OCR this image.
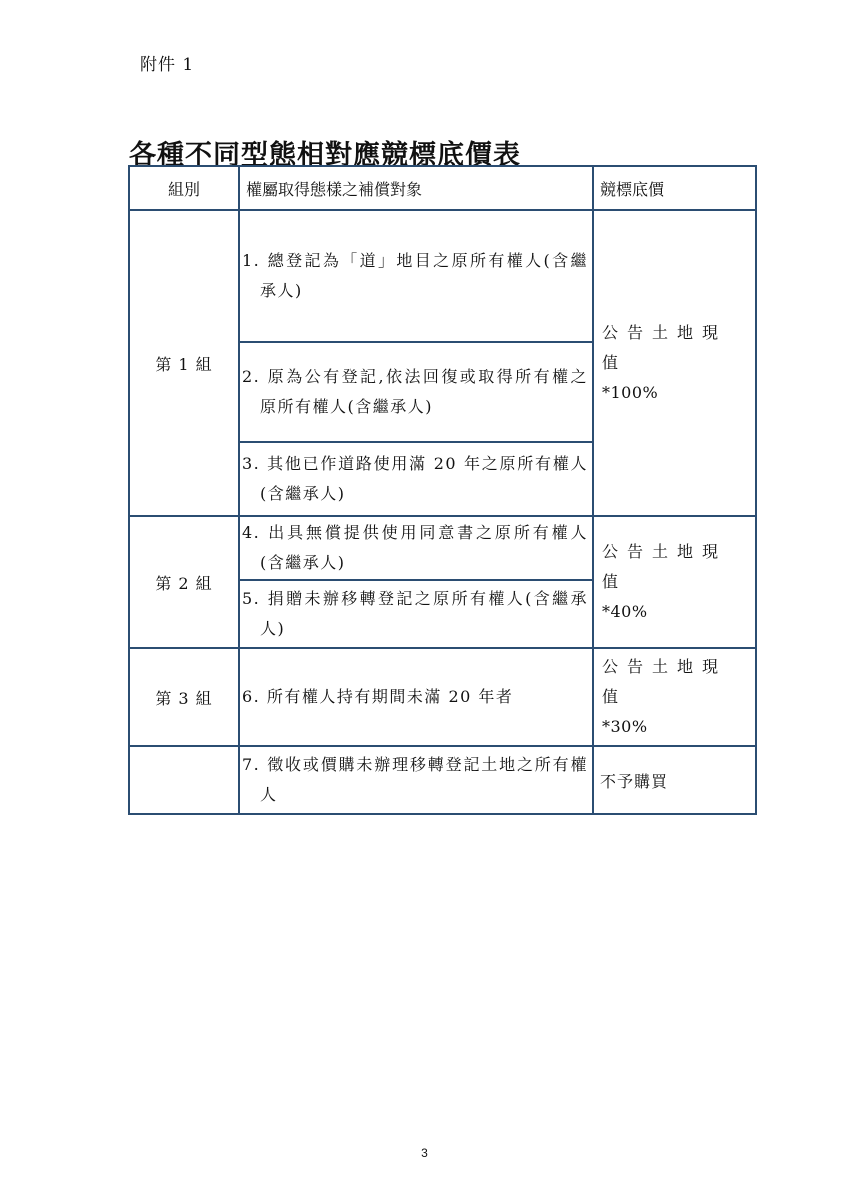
附件 1
各種不同型態相對應競標底價表
組別	權屬取得態樣之補償對象	競標底價
第 1 組	1. 總登記為「道」地目之原所有權人(含繼承人)	公告土地現值
*100%

	2. 原為公有登記,依法回復或取得所有權之原所有權人(含繼承人)	

	3. 其他已作道路使用滿 20 年之原所有權人(含繼承人)	

第 2 組	4. 出具無償提供使用同意書之原所有權人(含繼承人)	公告土地現值
*40%

	5. 捐贈未辦移轉登記之原所有權人(含繼承人)	

第 3 組	6. 所有權人持有期間未滿 20 年者	公告土地現值
*30%

	7. 徵收或價購未辦理移轉登記土地之所有權人	不予購買
3
